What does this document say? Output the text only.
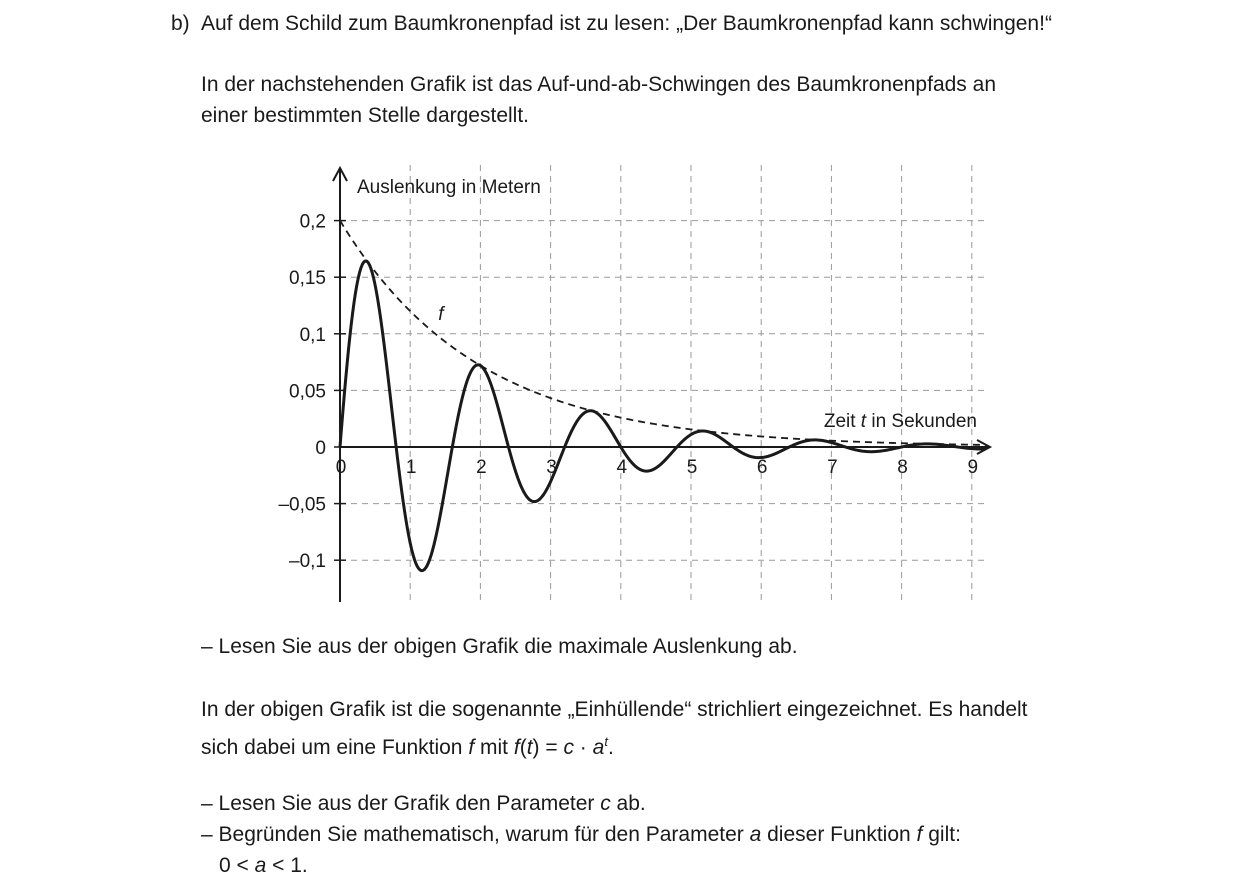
b) Auf dem Schild zum Baumkronenpfad ist zu lesen: „Der Baumkronenpfad kann schwingen!“
In der nachstehenden Grafik ist das Auf-und-ab-Schwingen des Baumkronenpfads an
einer bestimmten Stelle dargestellt.
0	1	2	3	4	5	6	7	8	9
0,2
0,15
0,1
0,05
0
–0,05
–0,1
Auslenkung in Metern
Zeit t in Sekunden
f
– Lesen Sie aus der obigen Grafik die maximale Auslenkung ab.
In der obigen Grafik ist die sogenannte „Einhüllende“ strichliert eingezeichnet. Es handelt
sich dabei um eine Funktion f mit $f(t) = c \cdot a^t$.
– Lesen Sie aus der Grafik den Parameter c ab.
– Begründen Sie mathematisch, warum für den Parameter a dieser Funktion f gilt:
0 < a < 1.
